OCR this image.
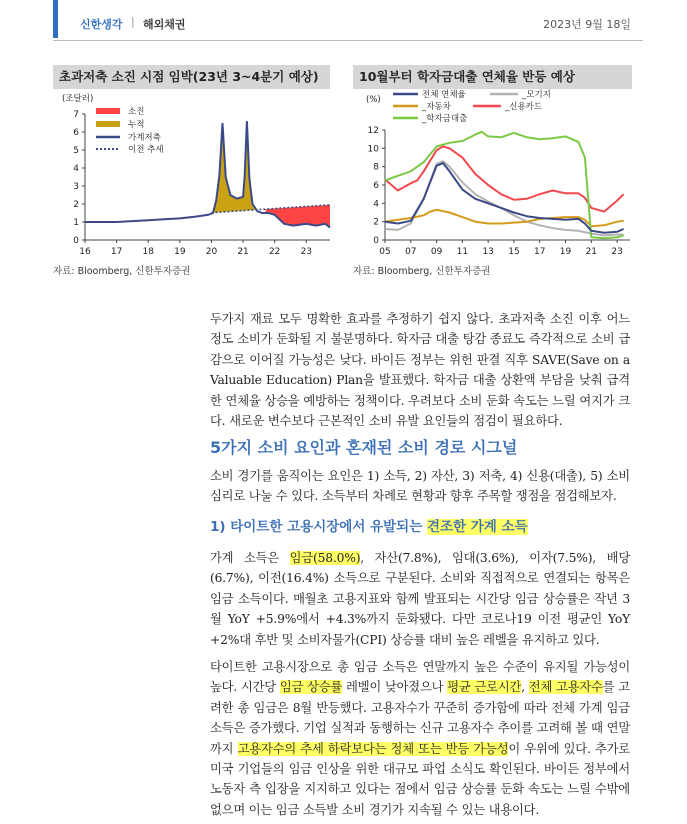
신한생각 | 해외채권	2023년 9월 18일
초과저축 소진 시점 임박(23년 3~4분기 예상)
(조달러)
0
1
2
3
4
5
6
7
16 17 18 19 20 21 22 23
소진
누적
가계저축
이전 추세
자료: Bloomberg, 신한투자증권
10월부터 학자금대출 연체율 반등 예상
(%)
0
2
4
6
8
10
12
05 07 09 11 13 15 17 19 21 23
전체 연체율	_모기지
_자동차	_신용카드
_학자금대출
자료: Bloomberg, 신한투자증권

두가지 재료 모두 명확한 효과를 추정하기 쉽지 않다. 초과저축 소진 이후 어느 정도 소비가 둔화될 지 불분명하다. 학자금 대출 탕감 종료도 즉각적으로 소비 급감으로 이어질 가능성은 낮다. 바이든 정부는 위헌 판결 직후 SAVE(Save on a Valuable Education) Plan을 발표했다. 학자금 대출 상환액 부담을 낮춰 급격한 연체율 상승을 예방하는 정책이다. 우려보다 소비 둔화 속도는 느릴 여지가 크다. 새로운 변수보다 근본적인 소비 유발 요인들의 점검이 필요하다.

5가지 소비 요인과 혼재된 소비 경로 시그널

소비 경기를 움직이는 요인은 1) 소득, 2) 자산, 3) 저축, 4) 신용(대출), 5) 소비 심리로 나눌 수 있다. 소득부터 차례로 현황과 향후 주목할 쟁점을 점검해보자.

1) 타이트한 고용시장에서 유발되는 견조한 가계 소득

가계 소득은 임금(58.0%), 자산(7.8%), 임대(3.6%), 이자(7.5%), 배당(6.7%), 이전(16.4%) 소득으로 구분된다. 소비와 직접적으로 연결되는 항목은 임금 소득이다. 매월초 고용지표와 함께 발표되는 시간당 임금 상승률은 작년 3월 YoY +5.9%에서 +4.3%까지 둔화됐다. 다만 코로나19 이전 평균인 YoY +2%대 후반 및 소비자물가(CPI) 상승률 대비 높은 레벨을 유지하고 있다.

타이트한 고용시장으로 총 임금 소득은 연말까지 높은 수준이 유지될 가능성이 높다. 시간당 임금 상승률 레벨이 낮아졌으나 평균 근로시간, 전체 고용자수를 고려한 총 임금은 8월 반등했다. 고용자수가 꾸준히 증가함에 따라 전체 가계 임금 소득은 증가했다. 기업 실적과 동행하는 신규 고용자수 추이를 고려해 볼 때 연말까지 고용자수의 추세 하락보다는 정체 또는 반등 가능성이 우위에 있다. 추가로 미국 기업들의 임금 인상을 위한 대규모 파업 소식도 확인된다. 바이든 정부에서 노동자 측 입장을 지지하고 있다는 점에서 임금 상승률 둔화 속도는 느릴 수밖에 없으며 이는 임금 소득발 소비 경기가 지속될 수 있는 내용이다.
